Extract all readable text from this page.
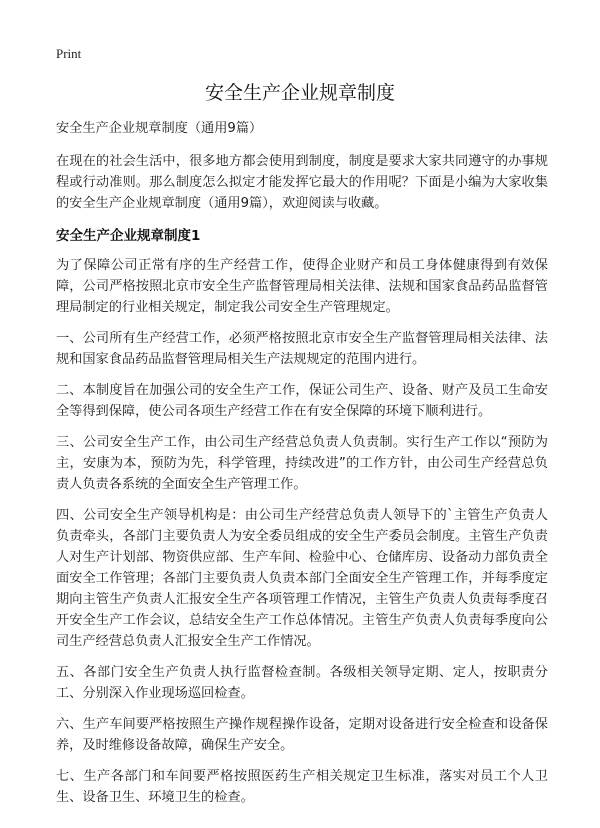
Print
安全生产企业规章制度

安全生产企业规章制度（通用9篇）

在现在的社会生活中，很多地方都会使用到制度，制度是要求大家共同遵守的办事规程或行动准则。那么制度怎么拟定才能发挥它最大的作用呢？下面是小编为大家收集的安全生产企业规章制度（通用9篇），欢迎阅读与收藏。

安全生产企业规章制度1

为了保障公司正常有序的生产经营工作，使得企业财产和员工身体健康得到有效保障，公司严格按照北京市安全生产监督管理局相关法律、法规和国家食品药品监督管理局制定的行业相关规定，制定我公司安全生产管理规定。

一、公司所有生产经营工作，必须严格按照北京市安全生产监督管理局相关法律、法规和国家食品药品监督管理局相关生产法规规定的范围内进行。

二、本制度旨在加强公司的安全生产工作，保证公司生产、设备、财产及员工生命安全等得到保障，使公司各项生产经营工作在有安全保障的环境下顺利进行。

三、公司安全生产工作，由公司生产经营总负责人负责制。实行生产工作以“预防为主，安康为本，预防为先，科学管理，持续改进”的工作方针，由公司生产经营总负责人负责各系统的全面安全生产管理工作。

四、公司安全生产领导机构是：由公司生产经营总负责人领导下的`主管生产负责人负责牵头，各部门主要负责人为安全委员组成的安全生产委员会制度。主管生产负责人对生产计划部、物资供应部、生产车间、检验中心、仓储库房、设备动力部负责全面安全工作管理；各部门主要负责人负责本部门全面安全生产管理工作，并每季度定期向主管生产负责人汇报安全生产各项管理工作情况，主管生产负责人负责每季度召开安全生产工作会议，总结安全生产工作总体情况。主管生产负责人负责每季度向公司生产经营总负责人汇报安全生产工作情况。

五、各部门安全生产负责人执行监督检查制。各级相关领导定期、定人，按职责分工、分别深入作业现场巡回检查。

六、生产车间要严格按照生产操作规程操作设备，定期对设备进行安全检查和设备保养，及时维修设备故障，确保生产安全。

七、生产各部门和车间要严格按照医药生产相关规定卫生标准，落实对员工个人卫生、设备卫生、环境卫生的检查。
